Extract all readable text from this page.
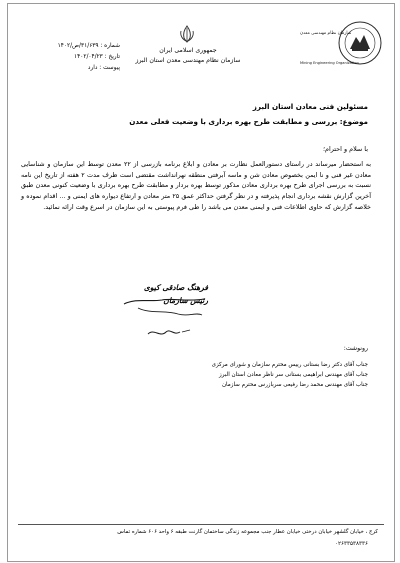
سازمان نظام مهندسی معدن
Mining Engineering Organization
شماره : ۳۱/۶۳۹/ص/۱۴۰۲
تاریخ : ۱۴۰۲/۰۴/۲۳
پیوست : دارد
جمهوری اسلامی ایران
سازمان نظام مهندسی معدن استان البرز
مسئولین فنی معادن استان البرز
موضوع: بررسی و مطابقت طرح بهره برداری با وضعیت فعلی معدن
با سلام و احترام؛
به استحضار میرساند در راستای دستورالعمل نظارت بر معادن و ابلاغ برنامه بازرسی از ۲۲ معدن توسط این سازمان و شناسایی معادن غیر فنی و نا ایمن بخصوص معادن شن و ماسه آبرفتی منطقه نهرانداشت مقتضی است ظرف مدت ۲ هفته از تاریخ این نامه نسبت به بررسی اجرای طرح بهره برداری معادن مذکور توسط بهره بردار و مطابقت طرح بهره برداری با وضعیت کنونی معدن طبق آخرین گزارش نقشه برداری انجام پذیرفته و در نظر گرفتن حداکثر عمق ۲۵ متر معادن و ارتفاع دیواره های ایمنی و ... اقدام نموده و خلاصه گزارش که حاوی اطلاعات فنی و ایمنی معدن می باشد را طی فرم پیوستی به این سازمان در اسرع وقت ارائه نمائید.
فرهنگ صادقی کیوی
رئیس سازمان
رونوشت:
جناب آقای دکتر رضا بستانی رییس محترم سازمان و شورای مرکزی
جناب آقای مهندس ابراهیمی بستانی سر ناظر معادن استان البرز
جناب آقای مهندس محمد رضا رفیعی سربازرس محترم سازمان
کرج ، خیابان گلشهر خیابان درختی خیابان عطار جنب مجموعه زندگی ساختمان گارنت طبقه ۶ واحد ۶۰۶ شماره تماس
۰۲۶۳۳۵۳۸۳۳۶
